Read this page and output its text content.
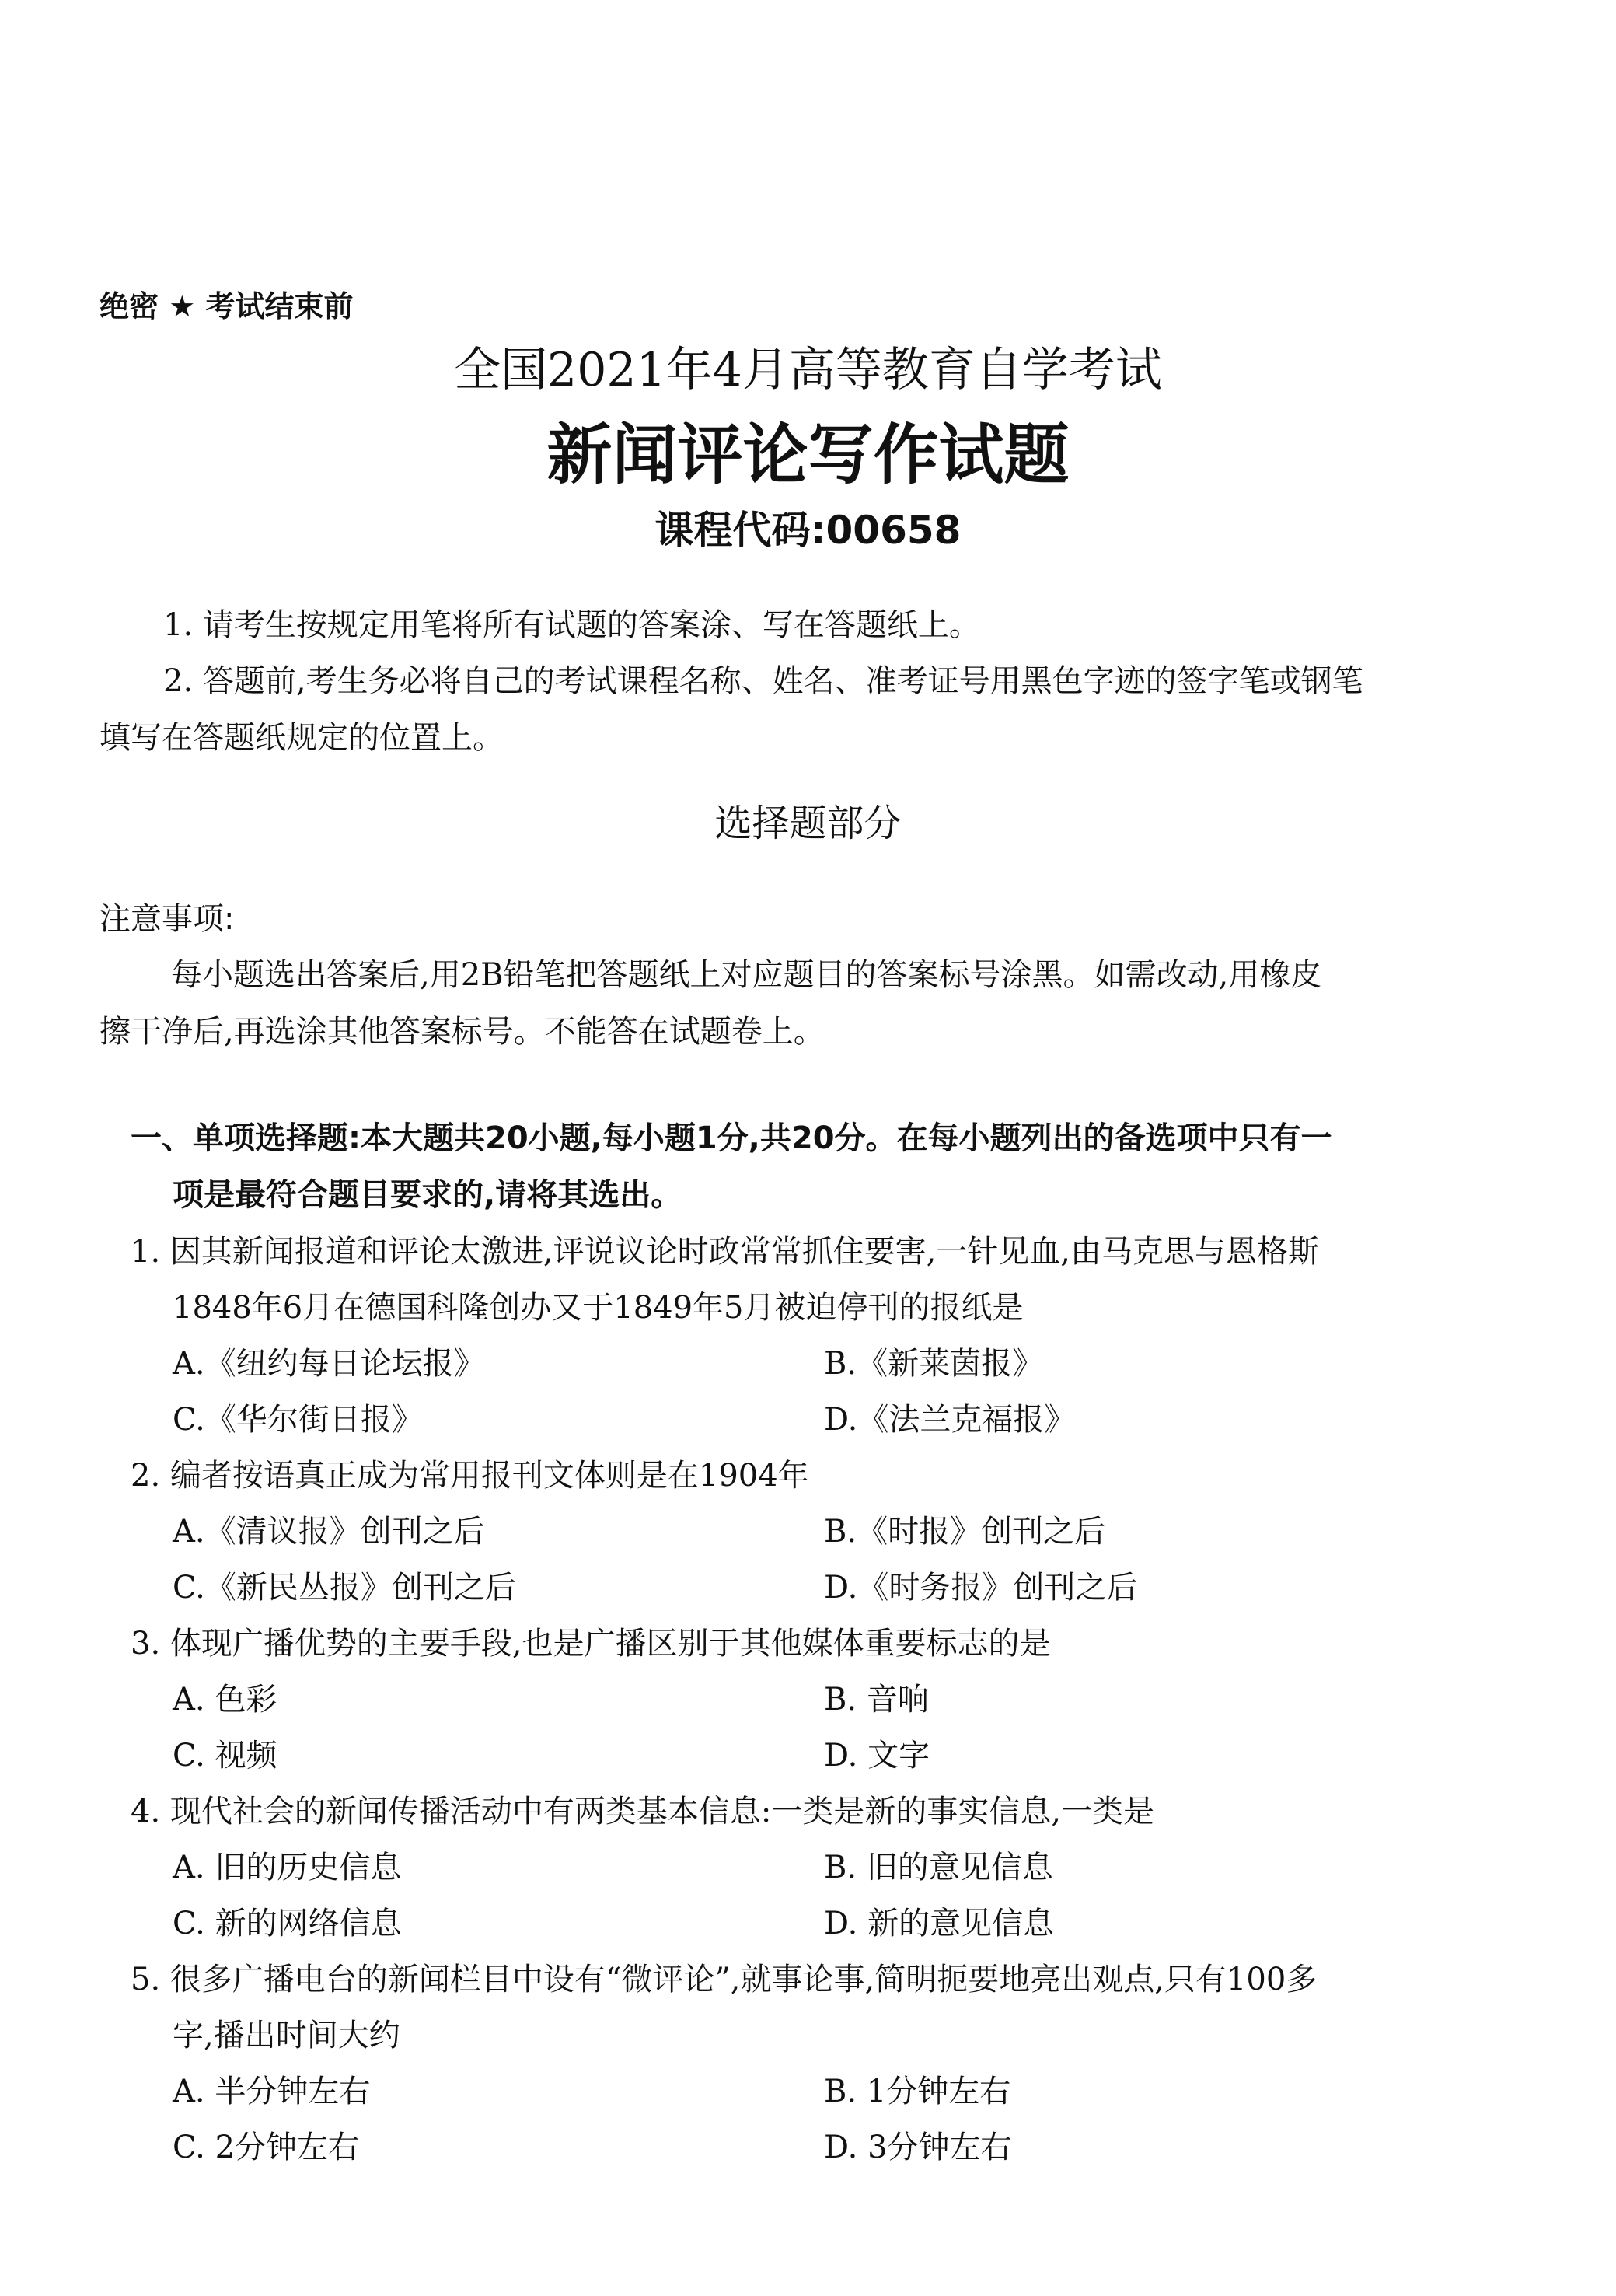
绝密 ★ 考试结束前
全国2021年4月高等教育自学考试
新闻评论写作试题
课程代码:00658
1. 请考生按规定用笔将所有试题的答案涂、写在答题纸上。
2. 答题前,考生务必将自己的考试课程名称、姓名、准考证号用黑色字迹的签字笔或钢笔
填写在答题纸规定的位置上。
选择题部分
注意事项:
每小题选出答案后,用2B铅笔把答题纸上对应题目的答案标号涂黑。如需改动,用橡皮
擦干净后,再选涂其他答案标号。不能答在试题卷上。
一、单项选择题:本大题共20小题,每小题1分,共20分。在每小题列出的备选项中只有一
项是最符合题目要求的,请将其选出。
1. 因其新闻报道和评论太激进,评说议论时政常常抓住要害,一针见血,由马克思与恩格斯
1848年6月在德国科隆创办又于1849年5月被迫停刊的报纸是
A.《纽约每日论坛报》	B.《新莱茵报》
C.《华尔街日报》	D.《法兰克福报》
2. 编者按语真正成为常用报刊文体则是在1904年
A.《清议报》创刊之后	B.《时报》创刊之后
C.《新民丛报》创刊之后	D.《时务报》创刊之后
3. 体现广播优势的主要手段,也是广播区别于其他媒体重要标志的是
A. 色彩	B. 音响
C. 视频	D. 文字
4. 现代社会的新闻传播活动中有两类基本信息:一类是新的事实信息,一类是
A. 旧的历史信息	B. 旧的意见信息
C. 新的网络信息	D. 新的意见信息
5. 很多广播电台的新闻栏目中设有“微评论”,就事论事,简明扼要地亮出观点,只有100多
字,播出时间大约
A. 半分钟左右	B. 1分钟左右
C. 2分钟左右	D. 3分钟左右
